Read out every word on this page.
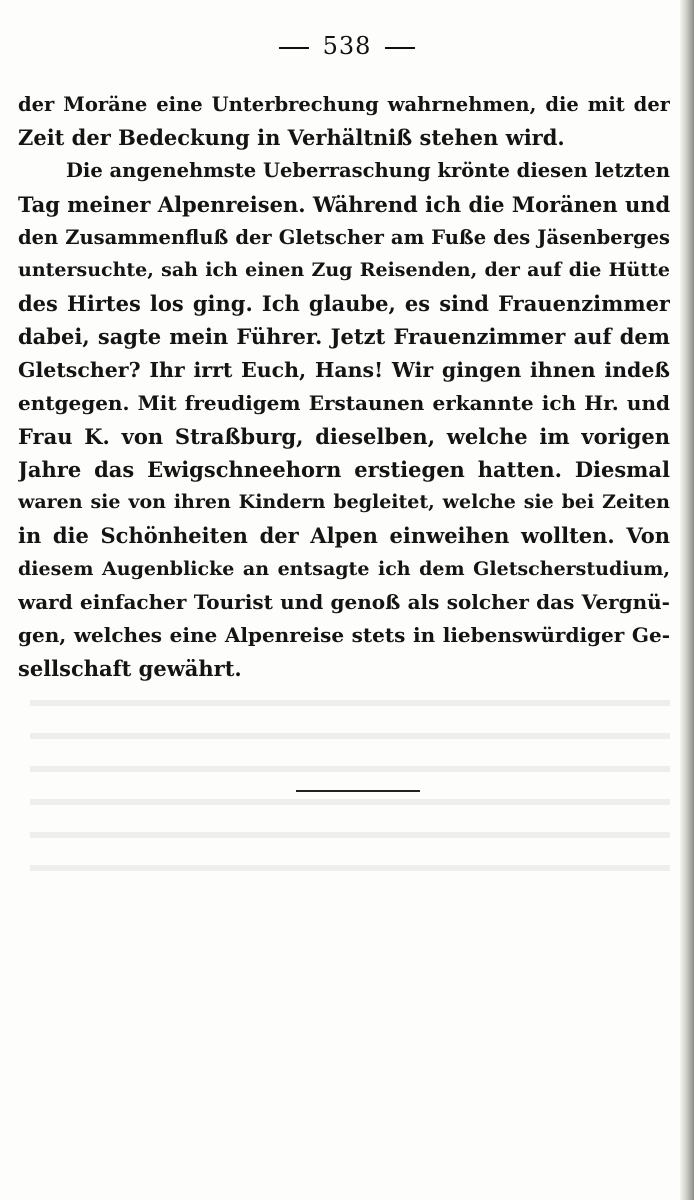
538
der Moräne eine Unterbrechung wahrnehmen, die mit der
Zeit der Bedeckung in Verhältniß stehen wird.
Die angenehmste Ueberraschung krönte diesen letzten
Tag meiner Alpenreisen. Während ich die Moränen und
den Zusammenfluß der Gletscher am Fuße des Jäsenberges
untersuchte, sah ich einen Zug Reisenden, der auf die Hütte
des Hirtes los ging. Ich glaube, es sind Frauenzimmer
dabei, sagte mein Führer. Jetzt Frauenzimmer auf dem
Gletscher? Ihr irrt Euch, Hans! Wir gingen ihnen indeß
entgegen. Mit freudigem Erstaunen erkannte ich Hr. und
Frau K. von Straßburg, dieselben, welche im vorigen
Jahre das Ewigschneehorn erstiegen hatten. Diesmal
waren sie von ihren Kindern begleitet, welche sie bei Zeiten
in die Schönheiten der Alpen einweihen wollten. Von
diesem Augenblicke an entsagte ich dem Gletscherstudium,
ward einfacher Tourist und genoß als solcher das Vergnü-
gen, welches eine Alpenreise stets in liebenswürdiger Ge-
sellschaft gewährt.
